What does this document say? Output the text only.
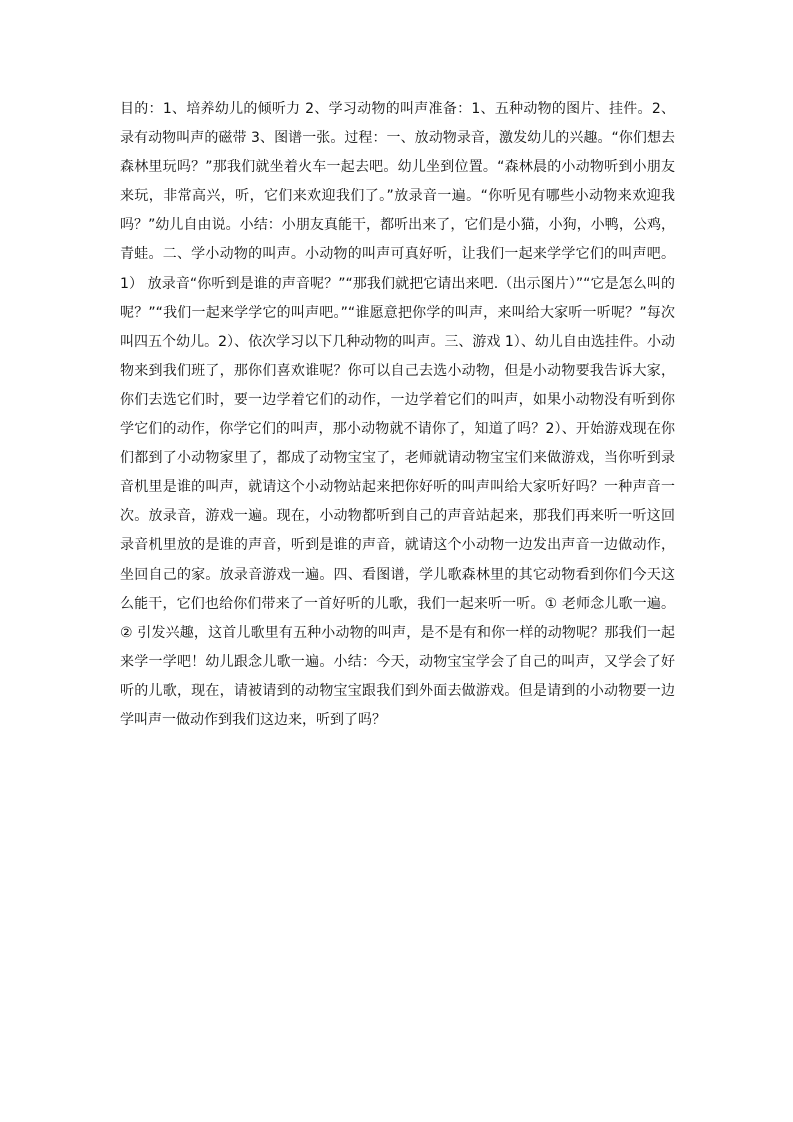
目的：1、培养幼儿的倾听力 2、学习动物的叫声准备：1、五种动物的图片、挂件。2、录有动物叫声的磁带 3、图谱一张。过程：一、放动物录音，激发幼儿的兴趣。“你们想去森林里玩吗？”那我们就坐着火车一起去吧。幼儿坐到位置。“森林晨的小动物听到小朋友来玩，非常高兴，听，它们来欢迎我们了。”放录音一遍。“你听见有哪些小动物来欢迎我吗？”幼儿自由说。小结：小朋友真能干，都听出来了，它们是小猫，小狗，小鸭，公鸡，青蛙。二、学小动物的叫声。小动物的叫声可真好听，让我们一起来学学它们的叫声吧。1） 放录音“你听到是谁的声音呢？”“那我们就把它请出来吧.（出示图片）”“它是怎么叫的呢？”“我们一起来学学它的叫声吧。”“谁愿意把你学的叫声，来叫给大家听一听呢？”每次叫四五个幼儿。2）、依次学习以下几种动物的叫声。三、游戏 1）、幼儿自由选挂件。小动物来到我们班了，那你们喜欢谁呢？你可以自己去选小动物，但是小动物要我告诉大家，你们去选它们时，要一边学着它们的动作，一边学着它们的叫声，如果小动物没有听到你学它们的动作，你学它们的叫声，那小动物就不请你了，知道了吗？2）、开始游戏现在你们都到了小动物家里了，都成了动物宝宝了，老师就请动物宝宝们来做游戏，当你听到录音机里是谁的叫声，就请这个小动物站起来把你好听的叫声叫给大家听好吗？一种声音一次。放录音，游戏一遍。现在，小动物都听到自己的声音站起来，那我们再来听一听这回录音机里放的是谁的声音，听到是谁的声音，就请这个小动物一边发出声音一边做动作，坐回自己的家。放录音游戏一遍。四、看图谱，学儿歌森林里的其它动物看到你们今天这么能干，它们也给你们带来了一首好听的儿歌，我们一起来听一听。① 老师念儿歌一遍。② 引发兴趣，这首儿歌里有五种小动物的叫声，是不是有和你一样的动物呢？那我们一起来学一学吧！幼儿跟念儿歌一遍。小结：今天，动物宝宝学会了自己的叫声，又学会了好听的儿歌，现在，请被请到的动物宝宝跟我们到外面去做游戏。但是请到的小动物要一边学叫声一做动作到我们这边来，听到了吗？
